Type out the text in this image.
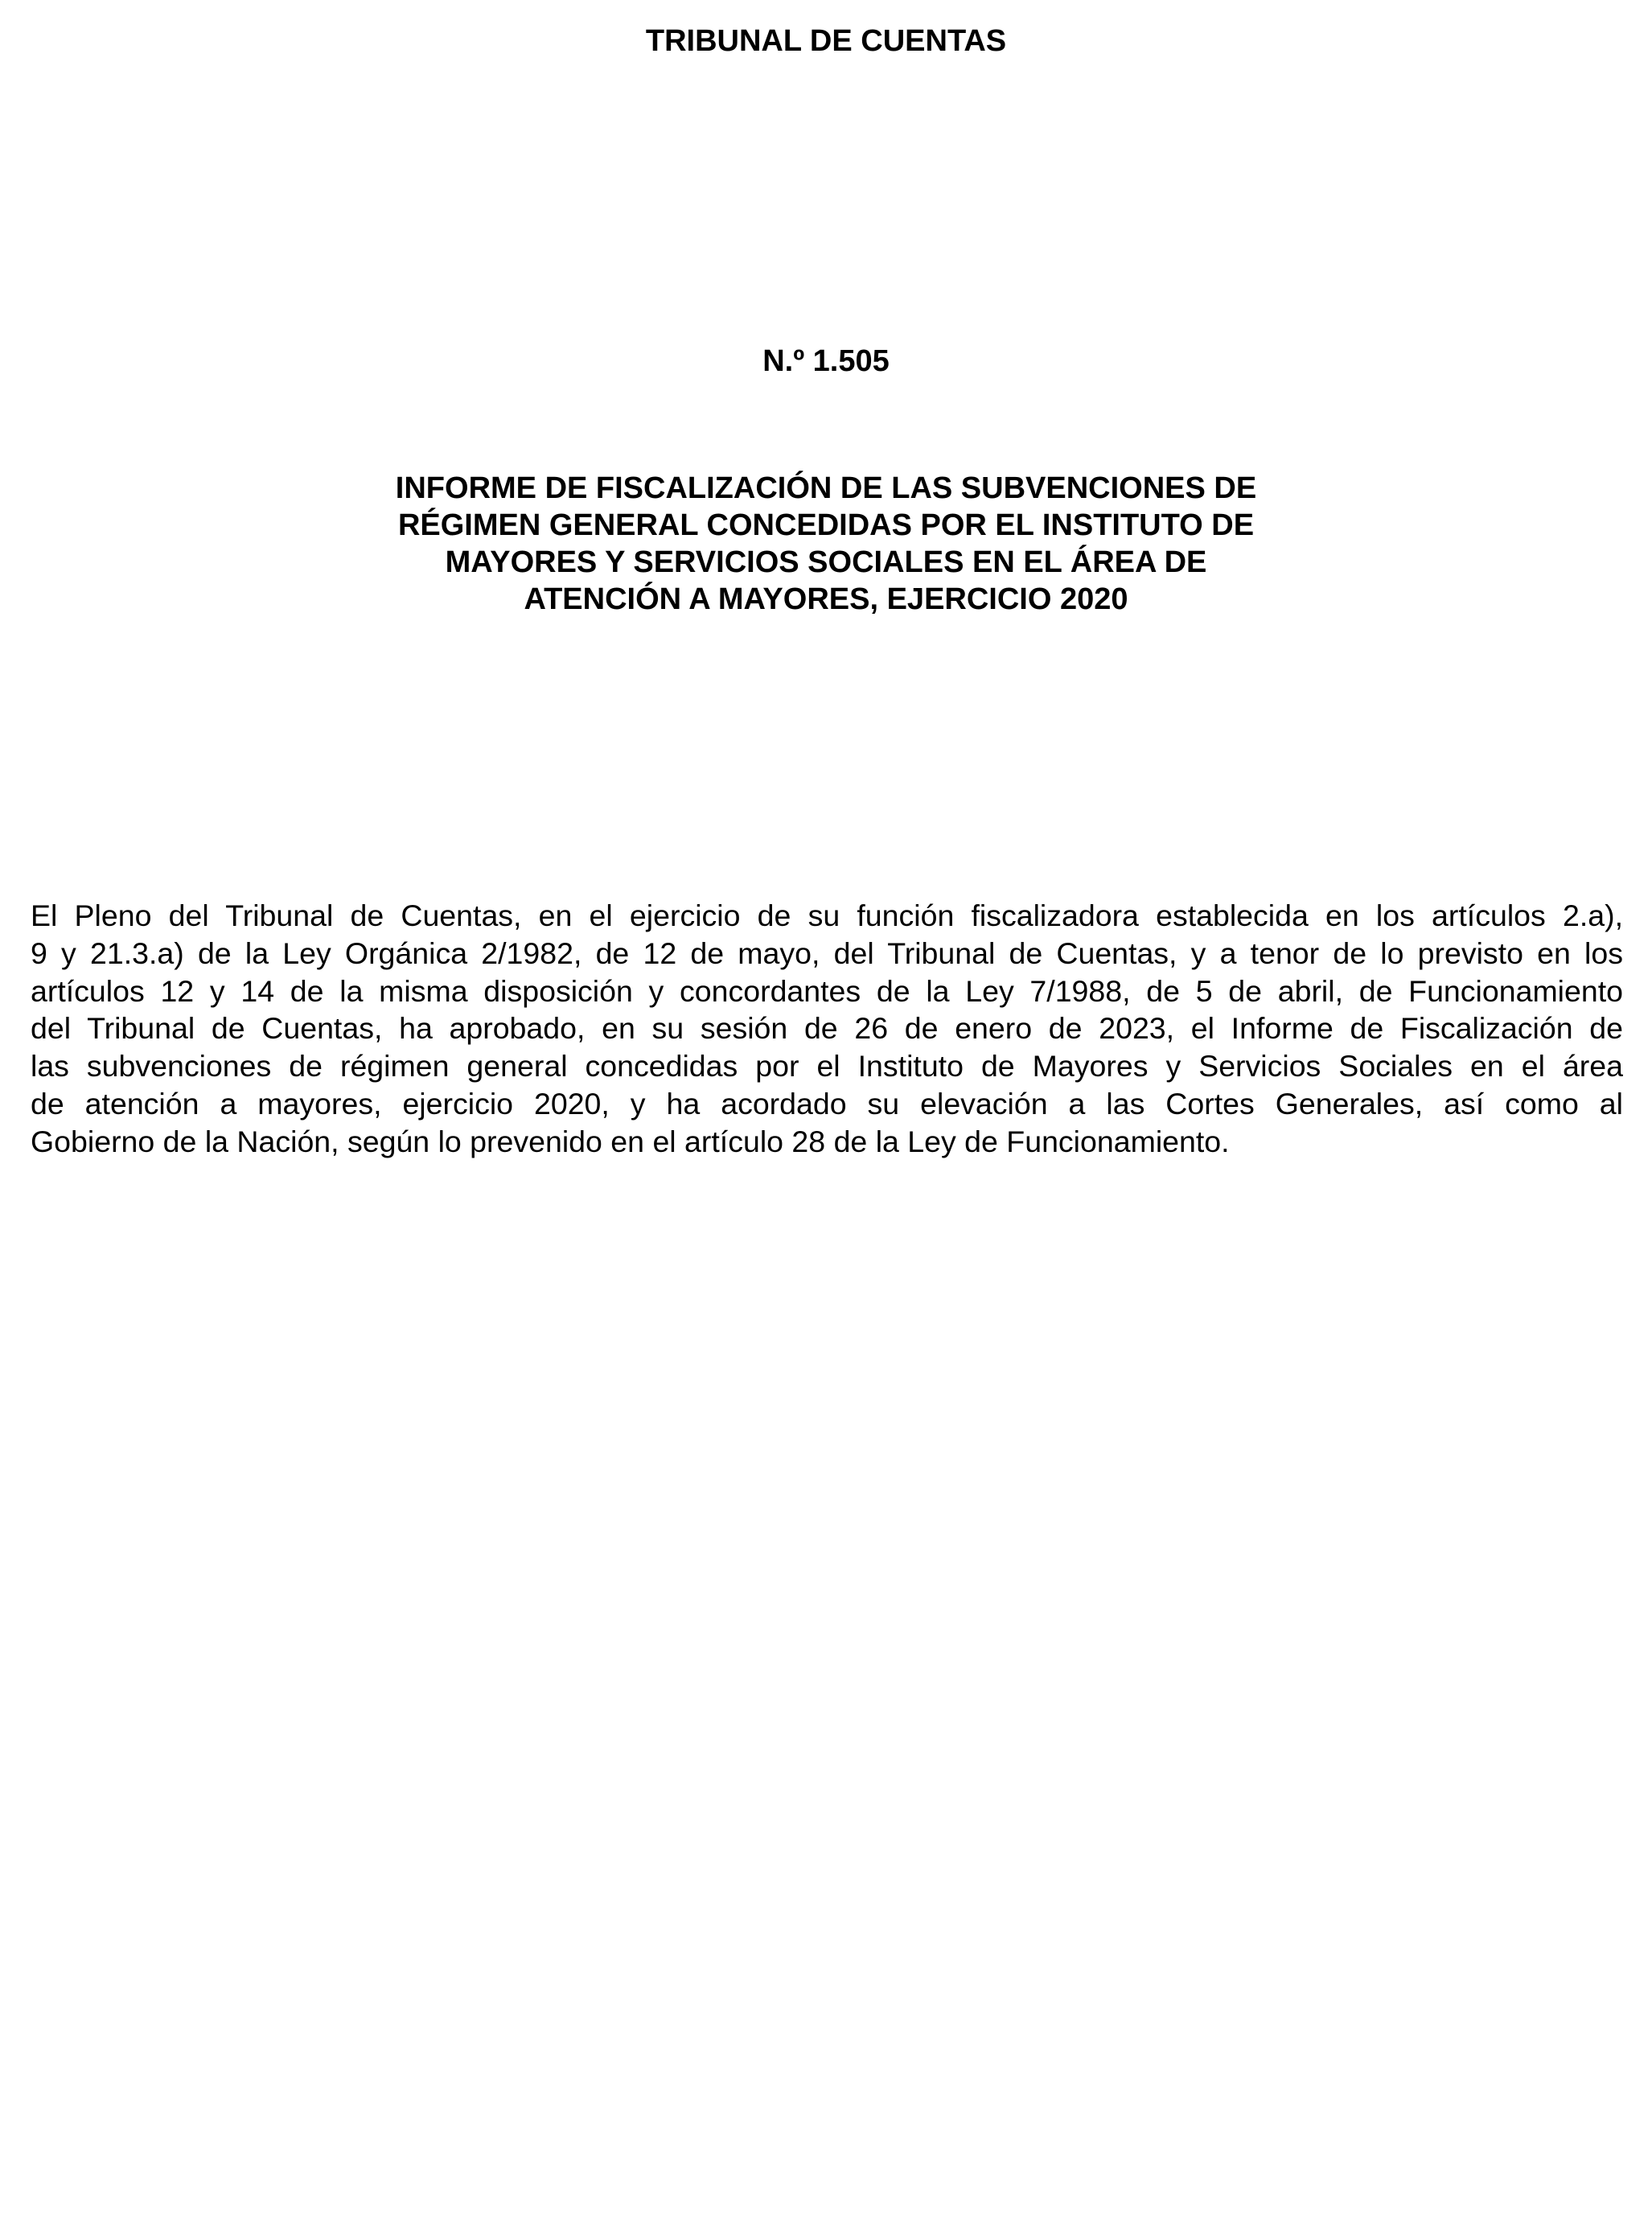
TRIBUNAL DE CUENTAS
N.º 1.505
INFORME DE FISCALIZACIÓN DE LAS SUBVENCIONES DE
RÉGIMEN GENERAL CONCEDIDAS POR EL INSTITUTO DE
MAYORES Y SERVICIOS SOCIALES EN EL ÁREA DE
ATENCIÓN A MAYORES, EJERCICIO 2020
El Pleno del Tribunal de Cuentas, en el ejercicio de su función fiscalizadora establecida en los artículos 2.a),
9 y 21.3.a) de la Ley Orgánica 2/1982, de 12 de mayo, del Tribunal de Cuentas, y a tenor de lo previsto en los
artículos 12 y 14 de la misma disposición y concordantes de la Ley 7/1988, de 5 de abril, de Funcionamiento
del Tribunal de Cuentas, ha aprobado, en su sesión de 26 de enero de 2023, el Informe de Fiscalización de
las subvenciones de régimen general concedidas por el Instituto de Mayores y Servicios Sociales en el área
de atención a mayores, ejercicio 2020, y ha acordado su elevación a las Cortes Generales, así como al
Gobierno de la Nación, según lo prevenido en el artículo 28 de la Ley de Funcionamiento.
